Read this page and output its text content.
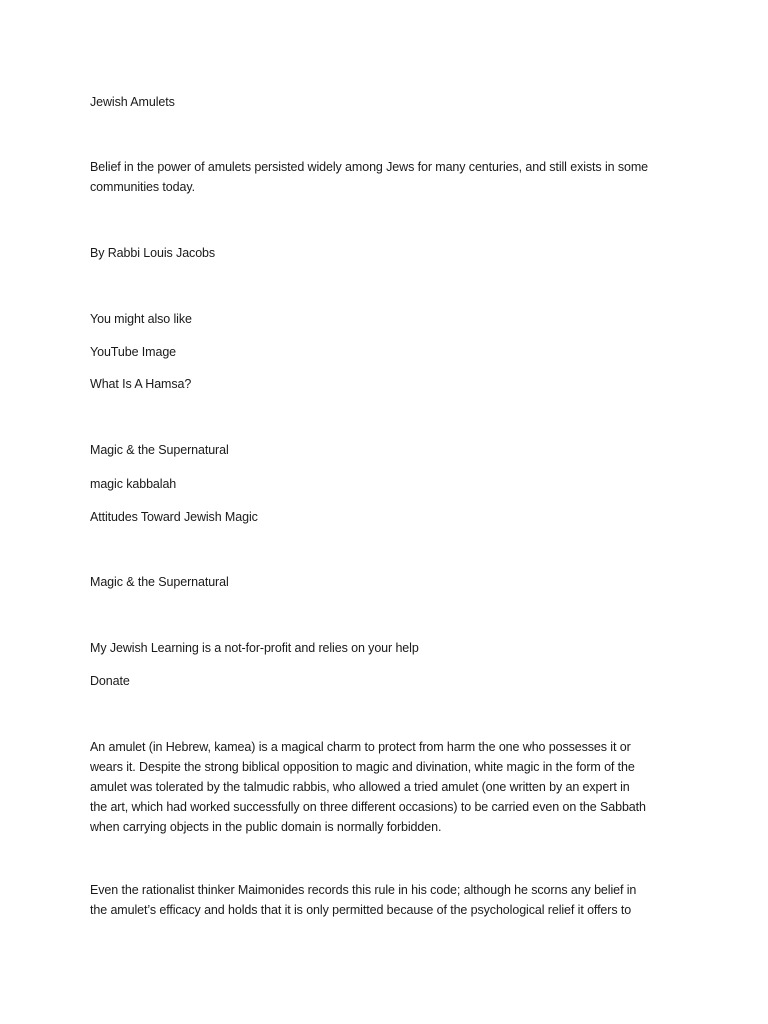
Jewish Amulets

Belief in the power of amulets persisted widely among Jews for many centuries, and still exists in some
communities today.

By Rabbi Louis Jacobs

You might also like

YouTube Image

What Is A Hamsa?

Magic & the Supernatural

magic kabbalah

Attitudes Toward Jewish Magic

Magic & the Supernatural

My Jewish Learning is a not-for-profit and relies on your help

Donate

An amulet (in Hebrew, kamea) is a magical charm to protect from harm the one who possesses it or
wears it. Despite the strong biblical opposition to magic and divination, white magic in the form of the
amulet was tolerated by the talmudic rabbis, who allowed a tried amulet (one written by an expert in
the art, which had worked successfully on three different occasions) to be carried even on the Sabbath
when carrying objects in the public domain is normally forbidden.

Even the rationalist thinker Maimonides records this rule in his code; although he scorns any belief in
the amulet’s efficacy and holds that it is only permitted because of the psychological relief it offers to
